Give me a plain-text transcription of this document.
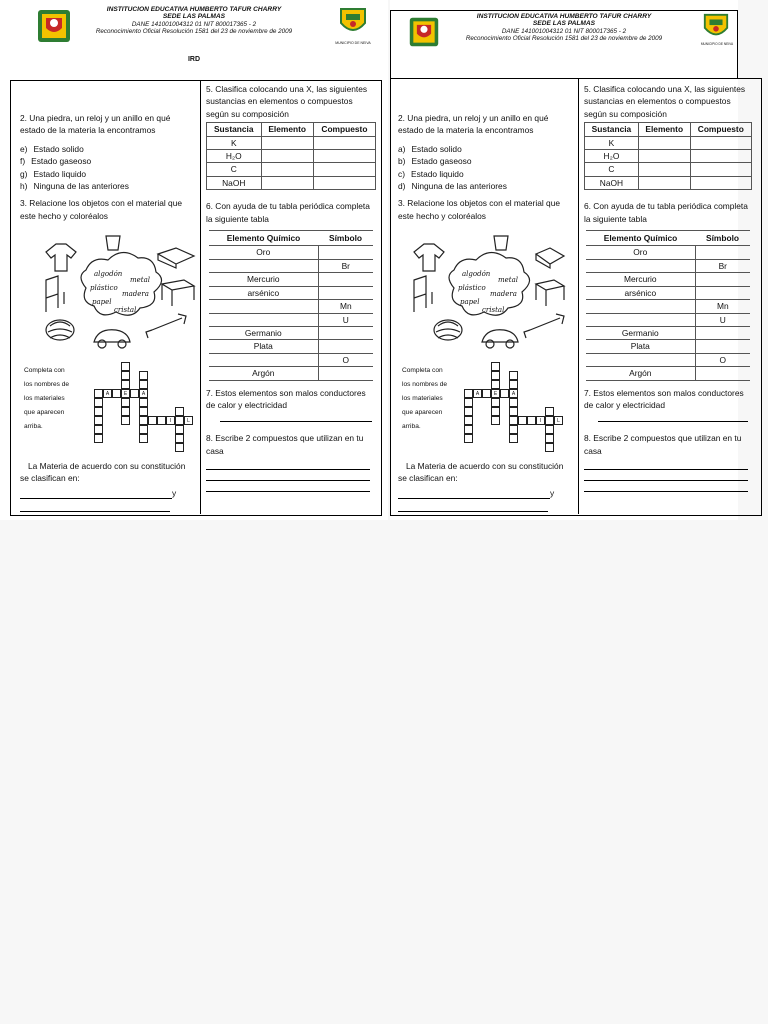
INSTITUCION EDUCATIVA HUMBERTO TAFUR CHARRY
SEDE LAS PALMAS
DANE 141001004312 01 NIT 800017365 - 2
Reconocimiento Oficial Resolución 1581 del 23 de noviembre de 2009
MUNICIPIO DE NEIVA
IRD

2. Una piedra, un reloj y un anillo en qué estado de la materia la encontramos

e) Estado solido
f) Estado gaseoso
g) Estado liquido
h) Ninguna de las anteriores

3. Relacione los objetos con el material que este hecho y coloréalos

algodón
metal
plástico
madera
papel
cristal
Completa con
los nombres de
los materiales
que aparecen
arriba.
A	E	A
I	L

La Materia de acuerdo con su constitución se clasifican en:

y

5. Clasifica colocando una X, las siguientes sustancias en elementos o compuestos según su composición

Sustancia	Elemento	Compuesto
K		
H₂O		
C		
NaOH		

6. Con ayuda de tu tabla periódica completa la siguiente tabla

Elemento Químico	Símbolo
Oro	
	Br
Mercurio	
arsénico	
	Mn
	U
Germanio	
Plata	
	O
Argón	

7. Estos elementos son malos conductores de calor y electricidad

8. Escribe 2 compuestos que utilizan en tu casa

INSTITUCION EDUCATIVA HUMBERTO TAFUR CHARRY
SEDE LAS PALMAS
DANE 141001004312 01 NIT 800017365 - 2
Reconocimiento Oficial Resolución 1581 del 23 de noviembre de 2009
MUNICIPIO DE NEIVA

2. Una piedra, un reloj y un anillo en qué estado de la materia la encontramos

a) Estado solido
b) Estado gaseoso
c) Estado liquido
d) Ninguna de las anteriores

3. Relacione los objetos con el material que este hecho y coloréalos

algodón
metal
plástico
madera
papel
cristal
Completa con
los nombres de
los materiales
que aparecen
arriba.
A	E	A
I	L

La Materia de acuerdo con su constitución se clasifican en:

y

5. Clasifica colocando una X, las siguientes sustancias en elementos o compuestos según su composición

Sustancia	Elemento	Compuesto
K		
H₂O		
C		
NaOH		

6. Con ayuda de tu tabla periódica completa la siguiente tabla

Elemento Químico	Símbolo
Oro	
	Br
Mercurio	
arsénico	
	Mn
	U
Germanio	
Plata	
	O
Argón	

7. Estos elementos son malos conductores de calor y electricidad

8. Escribe 2 compuestos que utilizan en tu casa
